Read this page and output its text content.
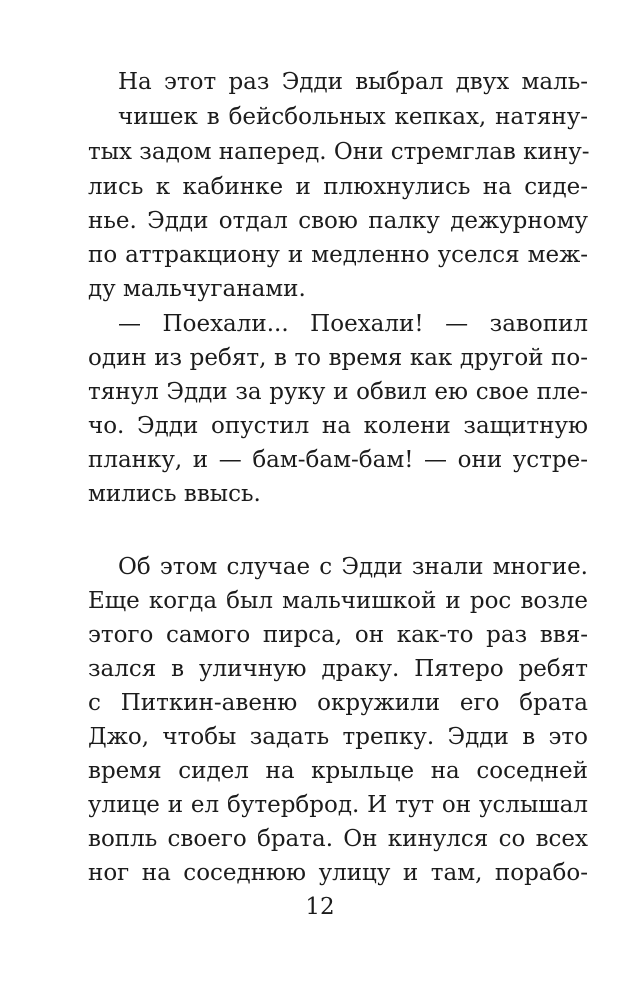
На этот раз Эдди выбрал двух маль-
чишек в бейсбольных кепках, натяну-
тых задом наперед. Они стремглав кину-
лись к кабинке и плюхнулись на сиде-
нье. Эдди отдал свою палку дежурному
по аттракциону и медленно уселся меж-
ду мальчуганами.
— Поехали... Поехали! — завопил
один из ребят, в то время как другой по-
тянул Эдди за руку и обвил ею свое пле-
чо. Эдди опустил на колени защитную
планку, и — бам-бам-бам! — они устре-
мились ввысь.
Об этом случае с Эдди знали многие.
Еще когда был мальчишкой и рос возле
этого самого пирса, он как-то раз ввя-
зался в уличную драку. Пятеро ребят
с Питкин-авеню окружили его брата
Джо, чтобы задать трепку. Эдди в это
время сидел на крыльце на соседней
улице и ел бутерброд. И тут он услышал
вопль своего брата. Он кинулся со всех
ног на соседнюю улицу и там, порабо-
12
